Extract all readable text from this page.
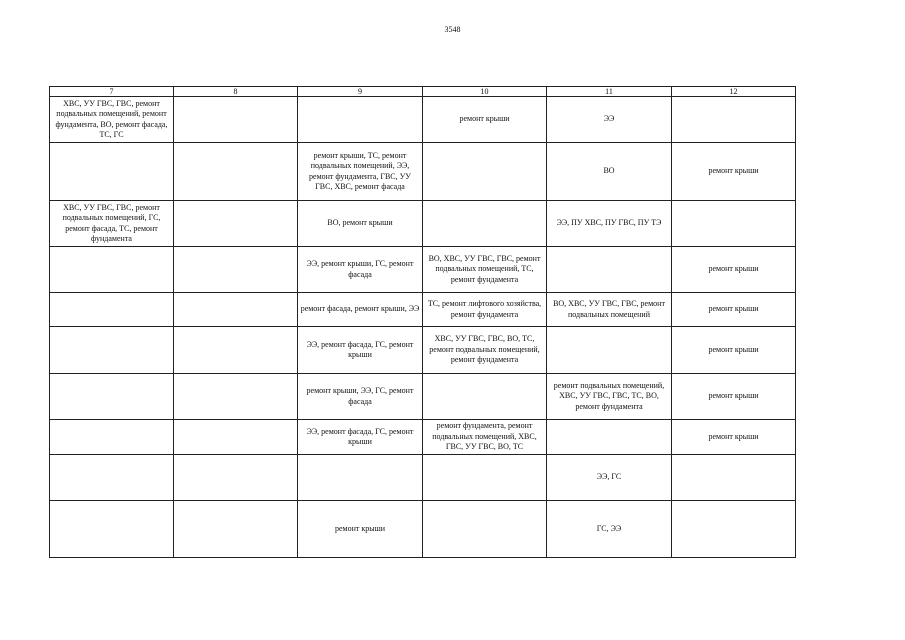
3548
7	8	9	10	11	12
ХВС, УУ ГВС, ГВС, ремонт подвальных помещений, ремонт фундамента, ВО, ремонт фасада, ТС, ГС			ремонт крыши	ЭЭ	
		ремонт крыши, ТС, ремонт подвальных помещений, ЭЭ, ремонт фундамента, ГВС, УУ ГВС, ХВС, ремонт фасада		ВО	ремонт крыши
ХВС, УУ ГВС, ГВС, ремонт подвальных помещений, ГС, ремонт фасада, ТС, ремонт фундамента		ВО, ремонт крыши		ЭЭ, ПУ ХВС, ПУ ГВС, ПУ ТЭ	
		ЭЭ, ремонт крыши, ГС, ремонт фасада	ВО, ХВС, УУ ГВС, ГВС, ремонт подвальных помещений, ТС, ремонт фундамента		ремонт крыши
		ремонт фасада, ремонт крыши, ЭЭ	ТС, ремонт лифтового хозяйства, ремонт фундамента	ВО, ХВС, УУ ГВС, ГВС, ремонт подвальных помещений	ремонт крыши
		ЭЭ, ремонт фасада, ГС, ремонт крыши	ХВС, УУ ГВС, ГВС, ВО, ТС, ремонт подвальных помещений, ремонт фундамента		ремонт крыши
		ремонт крыши, ЭЭ, ГС, ремонт фасада		ремонт подвальных помещений, ХВС, УУ ГВС, ГВС, ТС, ВО, ремонт фундамента	ремонт крыши
		ЭЭ, ремонт фасада, ГС, ремонт крыши	ремонт фундамента, ремонт подвальных помещений, ХВС, ГВС, УУ ГВС, ВО, ТС		ремонт крыши
				ЭЭ, ГС	
		ремонт крыши		ГС, ЭЭ	
